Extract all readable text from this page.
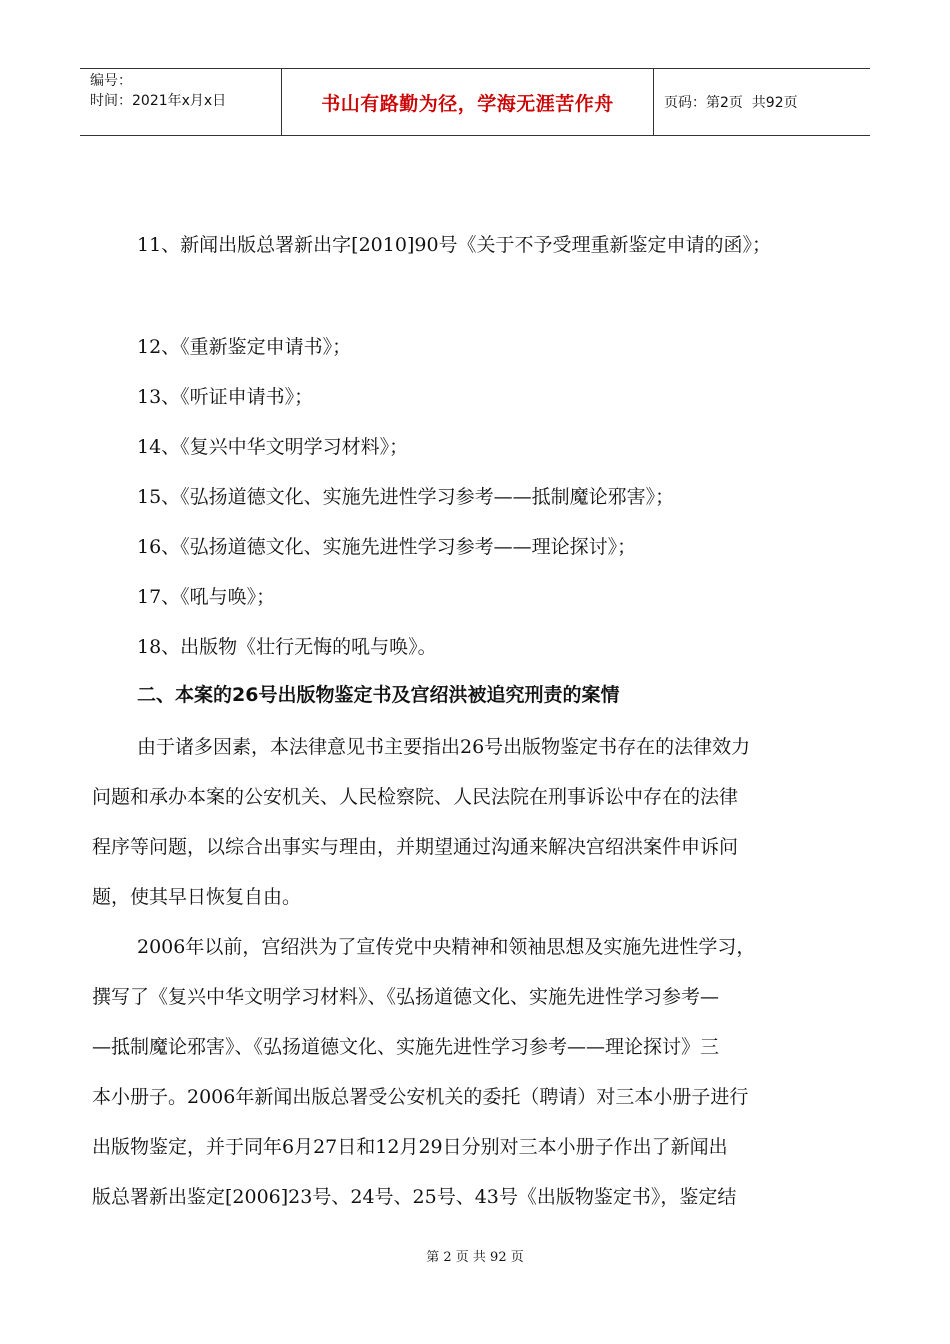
编号：
时间：2021年x月x日	书山有路勤为径，学海无涯苦作舟	页码：第2页  共92页
11、新闻出版总署新出字[2010]90号《关于不予受理重新鉴定申请的函》；
12、《重新鉴定申请书》；
13、《听证申请书》；
14、《复兴中华文明学习材料》；
15、《弘扬道德文化、实施先进性学习参考——抵制魔论邪害》；
16、《弘扬道德文化、实施先进性学习参考——理论探讨》；
17、《吼与唤》；
18、出版物《壮行无悔的吼与唤》。
二、本案的26号出版物鉴定书及宫绍洪被追究刑责的案情
由于诸多因素，本法律意见书主要指出26号出版物鉴定书存在的法律效力
问题和承办本案的公安机关、人民检察院、人民法院在刑事诉讼中存在的法律
程序等问题，以综合出事实与理由，并期望通过沟通来解决宫绍洪案件申诉问
题，使其早日恢复自由。
2006年以前，宫绍洪为了宣传党中央精神和领袖思想及实施先进性学习，
撰写了《复兴中华文明学习材料》、《弘扬道德文化、实施先进性学习参考—
—抵制魔论邪害》、《弘扬道德文化、实施先进性学习参考——理论探讨》三
本小册子。2006年新闻出版总署受公安机关的委托（聘请）对三本小册子进行
出版物鉴定，并于同年6月27日和12月29日分别对三本小册子作出了新闻出
版总署新出鉴定[2006]23号、24号、25号、43号《出版物鉴定书》，鉴定结
第 2 页 共 92 页
